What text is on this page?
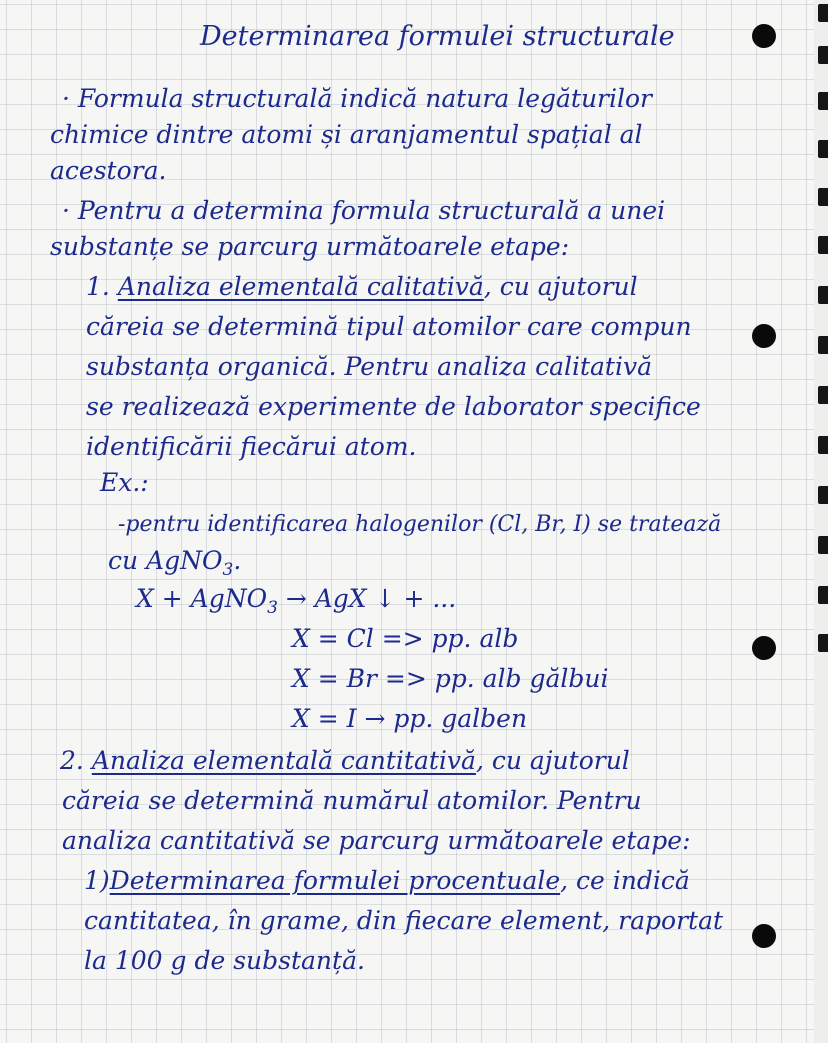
Determinarea formulei structurale
· Formula structurală indică natura legăturilor
chimice dintre atomi și aranjamentul spațial al
acestora.
· Pentru a determina formula structurală a unei
substanțe se parcurg următoarele etape:
1. Analiza elementală calitativă, cu ajutorul
căreia se determină tipul atomilor care compun
substanța organică. Pentru analiza calitativă
se realizează experimente de laborator specifice
identificării fiecărui atom.
Ex.:
-pentru identificarea halogenilor (Cl, Br, I) se tratează
cu AgNO$_3$.
X + AgNO$_3$ → AgX ↓ + ...
X = Cl => pp. alb
X = Br => pp. alb gălbui
X = I → pp. galben
2. Analiza elementală cantitativă, cu ajutorul
căreia se determină numărul atomilor. Pentru
analiza cantitativă se parcurg următoarele etape:
1)Determinarea formulei procentuale, ce indică
cantitatea, în grame, din fiecare element, raportat
la 100 g de substanță.
